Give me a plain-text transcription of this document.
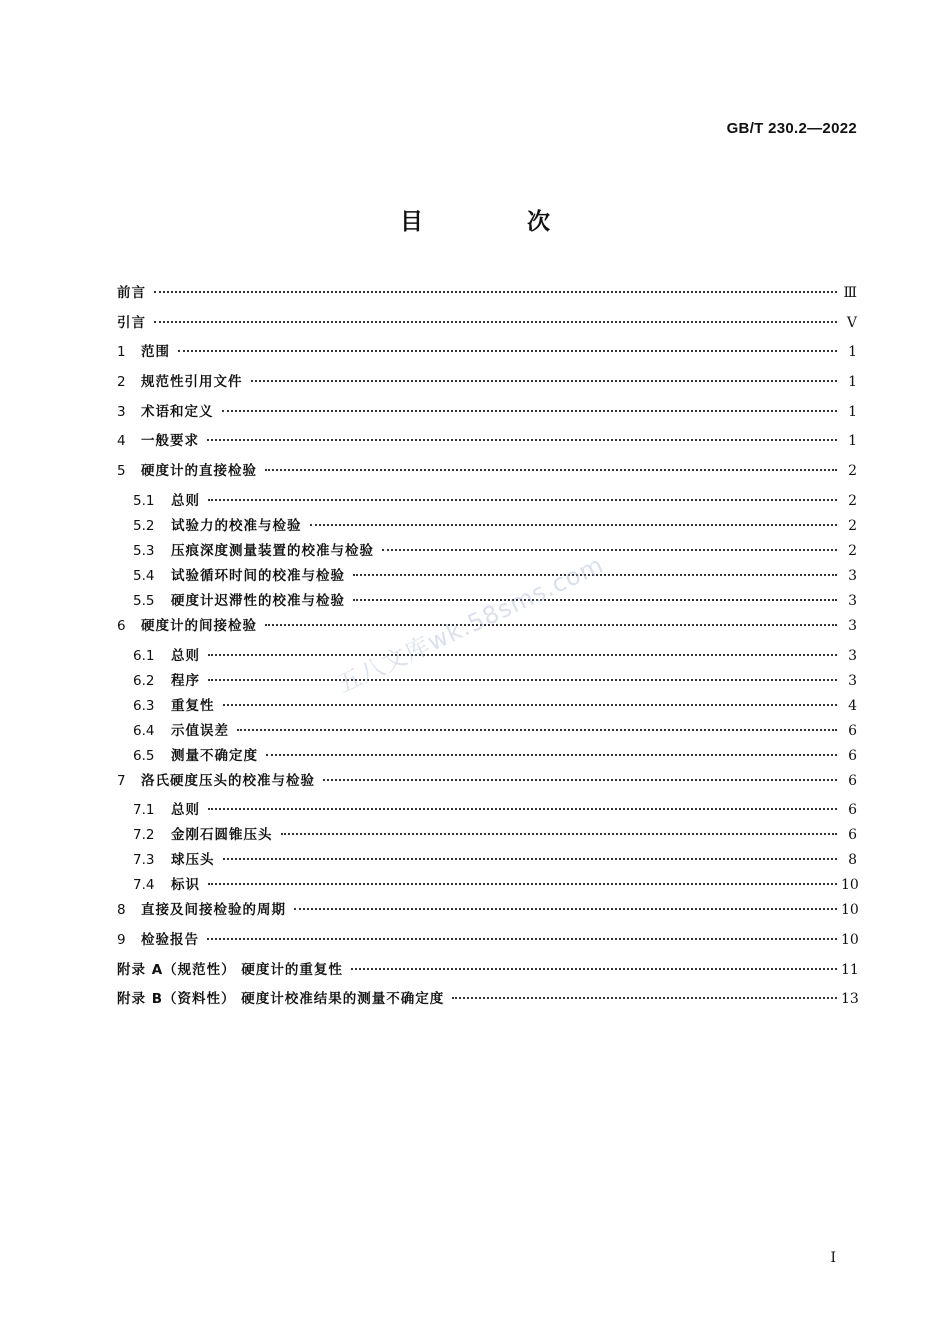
GB/T 230.2—2022
目 次
前言	Ⅲ
引言	V
1	范围	1
2	规范性引用文件	1
3	术语和定义	1
4	一般要求	1
5	硬度计的直接检验	2
5.1	总则	2
5.2	试验力的校准与检验	2
5.3	压痕深度测量装置的校准与检验	2
5.4	试验循环时间的校准与检验	3
5.5	硬度计迟滞性的校准与检验	3
6	硬度计的间接检验	3
6.1	总则	3
6.2	程序	3
6.3	重复性	4
6.4	示值误差	6
6.5	测量不确定度	6
7	洛氏硬度压头的校准与检验	6
7.1	总则	6
7.2	金刚石圆锥压头	6
7.3	球压头	8
7.4	标识	10
8	直接及间接检验的周期	10
9	检验报告	10
附录 A（规范性） 硬度计的重复性	11
附录 B（资料性） 硬度计校准结果的测量不确定度	13
五八文库wk.58sms.com
I
